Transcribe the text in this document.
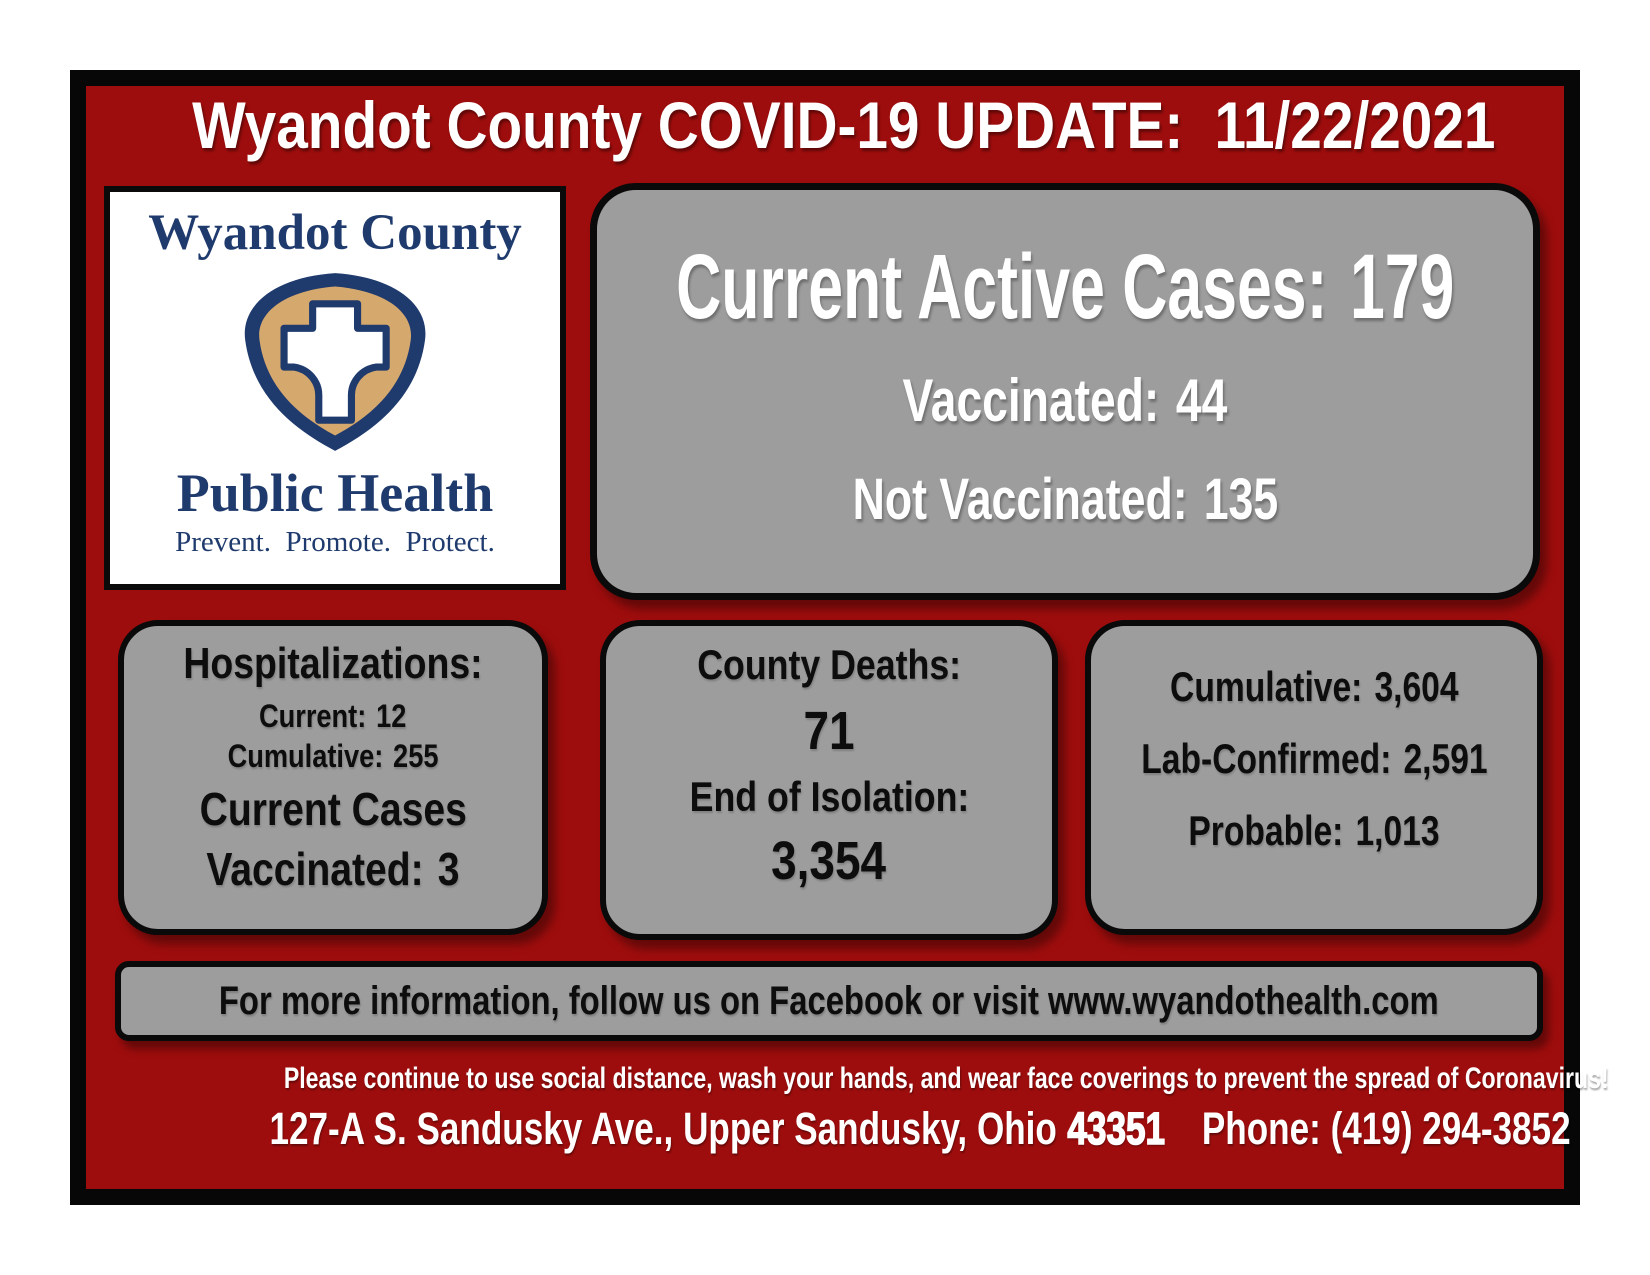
Wyandot County COVID-19 UPDATE: 11/22/2021
Wyandot County
Public Health
Prevent.  Promote.  Protect.
Current Active Cases: 179
Vaccinated: 44
Not Vaccinated: 135
Hospitalizations:
Current: 12
Cumulative: 255
Current Cases
Vaccinated: 3
County Deaths:
71
End of Isolation:
3,354
Cumulative: 3,604
Lab-Confirmed: 2,591
Probable: 1,013
For more information, follow us on Facebook or visit www.wyandothealth.com
Please continue to use social distance, wash your hands, and wear face coverings to prevent the spread of Coronavirus!
127-A S. Sandusky Ave., Upper Sandusky, Ohio 43351 Phone: (419) 294-3852
